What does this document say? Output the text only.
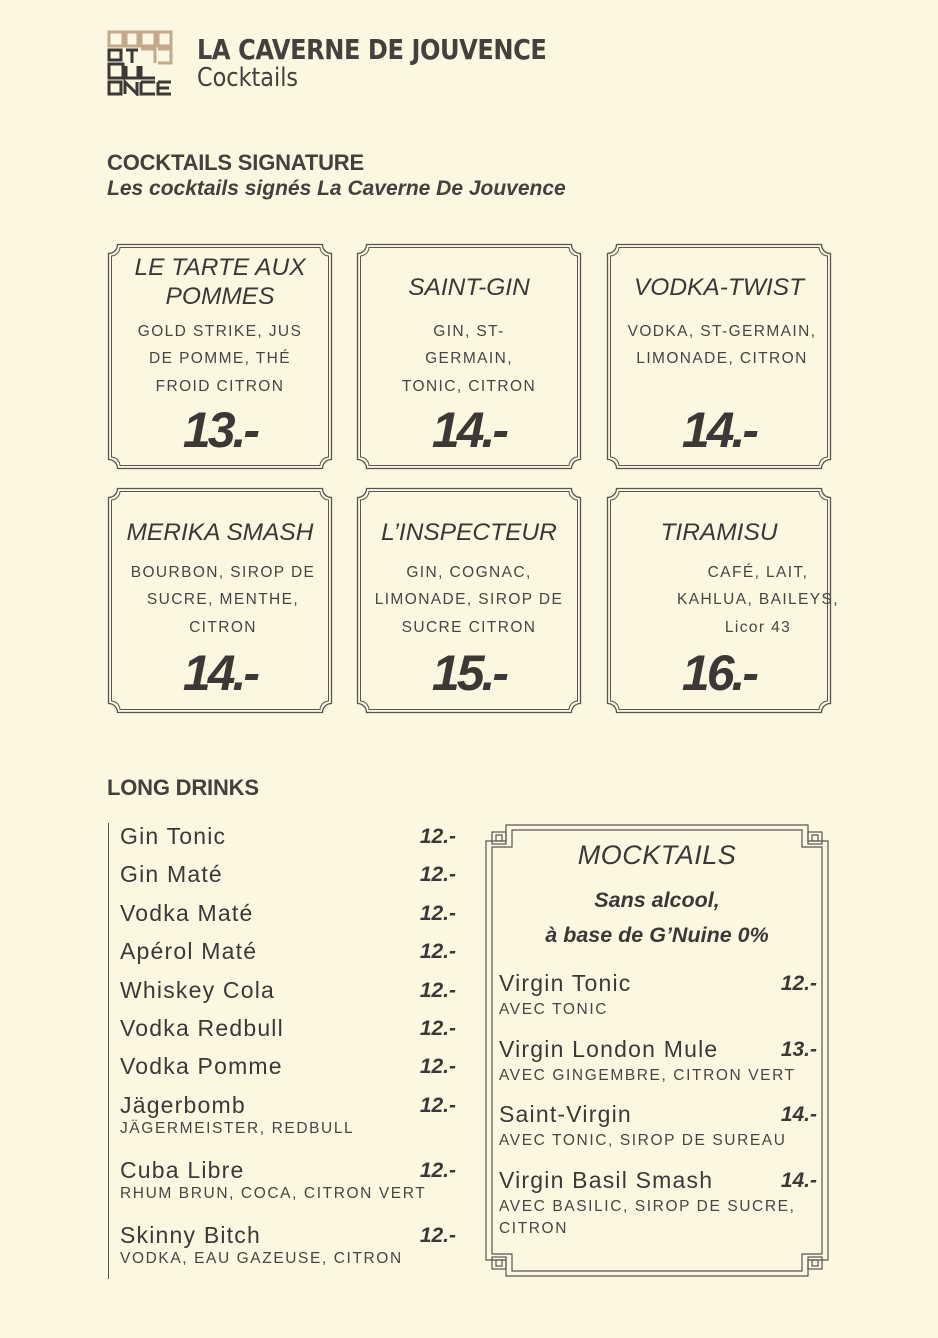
LA CAVERNE DE JOUVENCE
Cocktails
COCKTAILS SIGNATURE
Les cocktails signés La Caverne De Jouvence
LE TARTE AUX POMMES
GOLD STRIKE, JUS DE POMME, THÉ FROID CITRON
13.-
SAINT-GIN
GIN, ST-GERMAIN, TONIC, CITRON
14.-
VODKA-TWIST
VODKA, ST-GERMAIN, LIMONADE, CITRON
14.-
MERIKA SMASH
BOURBON, SIROP DE SUCRE, MENTHE, CITRON
14.-
L’INSPECTEUR
GIN, COGNAC, LIMONADE, SIROP DE SUCRE CITRON
15.-
TIRAMISU
CAFÉ, LAIT, KAHLUA, BAILEYS, Licor 43
16.-
LONG DRINKS
Gin Tonic	12.-
Gin Maté	12.-
Vodka Maté	12.-
Apérol Maté	12.-
Whiskey Cola	12.-
Vodka Redbull	12.-
Vodka Pomme	12.-
Jägerbomb	12.-
JÄGERMEISTER, REDBULL
Cuba Libre	12.-
RHUM BRUN, COCA, CITRON VERT
Skinny Bitch	12.-
VODKA, EAU GAZEUSE, CITRON
MOCKTAILS
Sans alcool,
à base de G’Nuine 0%
Virgin Tonic	12.-
AVEC TONIC
Virgin London Mule	13.-
AVEC GINGEMBRE, CITRON VERT
Saint-Virgin	14.-
AVEC TONIC, SIROP DE SUREAU
Virgin Basil Smash	14.-
AVEC BASILIC, SIROP DE SUCRE, CITRON
